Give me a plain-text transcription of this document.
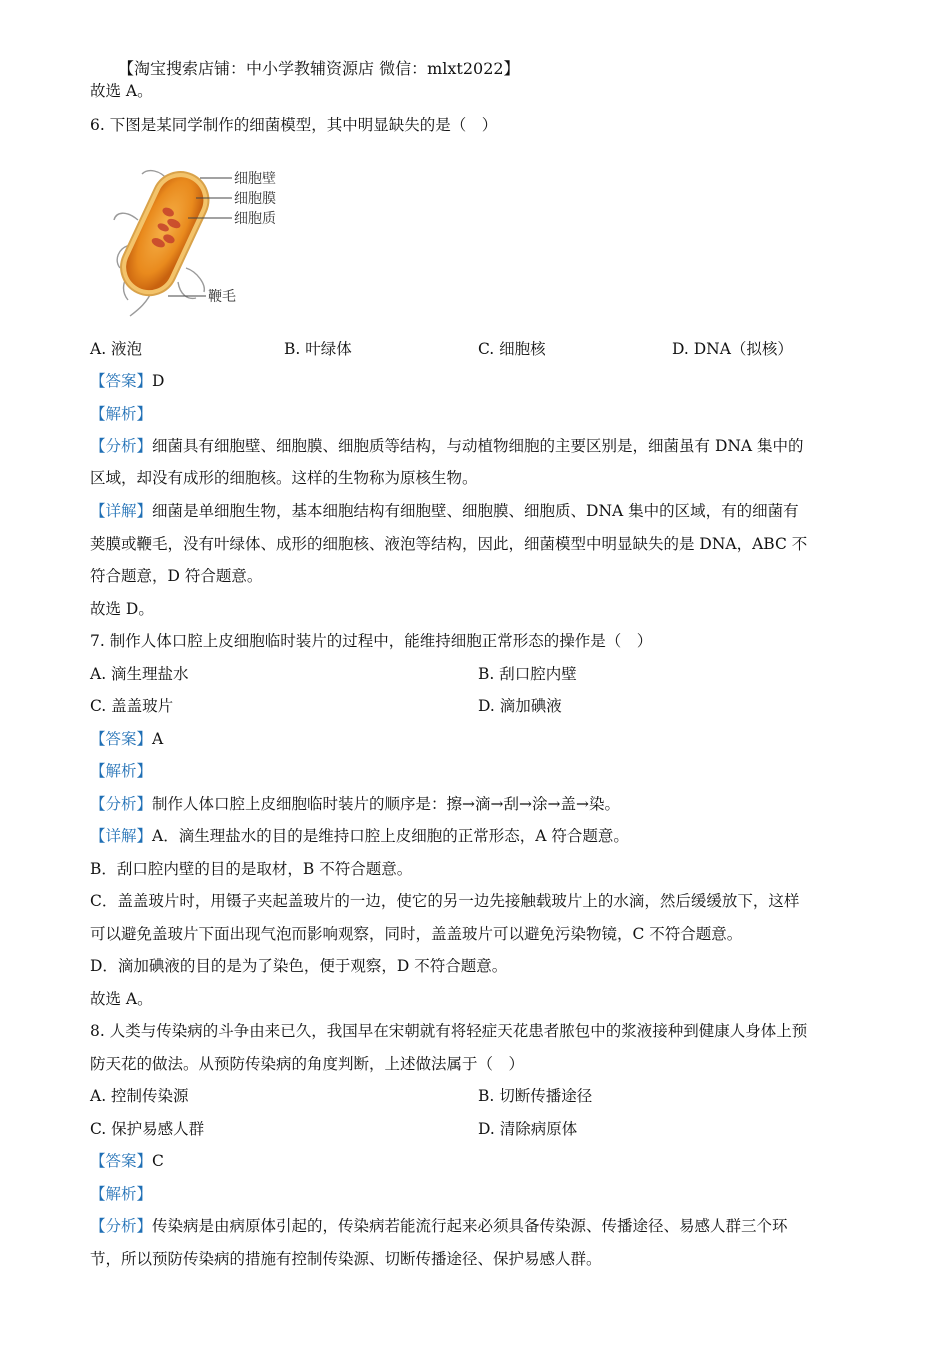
【淘宝搜索店铺：中小学教辅资源店 微信：mlxt2022】
故选 A。
6. 下图是某同学制作的细菌模型，其中明显缺失的是（　）
细胞壁
细胞膜
细胞质
鞭毛
A. 液泡	B. 叶绿体	C. 细胞核	D. DNA（拟核）
【答案】D
【解析】
【分析】细菌具有细胞壁、细胞膜、细胞质等结构，与动植物细胞的主要区别是，细菌虽有 DNA 集中的
区域，却没有成形的细胞核。这样的生物称为原核生物。
【详解】细菌是单细胞生物，基本细胞结构有细胞壁、细胞膜、细胞质、DNA 集中的区域，有的细菌有
荚膜或鞭毛，没有叶绿体、成形的细胞核、液泡等结构，因此，细菌模型中明显缺失的是 DNA，ABC 不
符合题意，D 符合题意。
故选 D。
7. 制作人体口腔上皮细胞临时装片的过程中，能维持细胞正常形态的操作是（　）
A. 滴生理盐水	B. 刮口腔内壁
C. 盖盖玻片	D. 滴加碘液
【答案】A
【解析】
【分析】制作人体口腔上皮细胞临时装片的顺序是：擦→滴→刮→涂→盖→染。
【详解】A．滴生理盐水的目的是维持口腔上皮细胞的正常形态，A 符合题意。
B．刮口腔内壁的目的是取材，B 不符合题意。
C．盖盖玻片时，用镊子夹起盖玻片的一边，使它的另一边先接触载玻片上的水滴，然后缓缓放下，这样
可以避免盖玻片下面出现气泡而影响观察，同时，盖盖玻片可以避免污染物镜，C 不符合题意。
D．滴加碘液的目的是为了染色，便于观察，D 不符合题意。
故选 A。
8. 人类与传染病的斗争由来已久，我国早在宋朝就有将轻症天花患者脓包中的浆液接种到健康人身体上预
防天花的做法。从预防传染病的角度判断，上述做法属于（　）
A. 控制传染源	B. 切断传播途径
C. 保护易感人群	D. 清除病原体
【答案】C
【解析】
【分析】传染病是由病原体引起的，传染病若能流行起来必须具备传染源、传播途径、易感人群三个环
节，所以预防传染病的措施有控制传染源、切断传播途径、保护易感人群。
